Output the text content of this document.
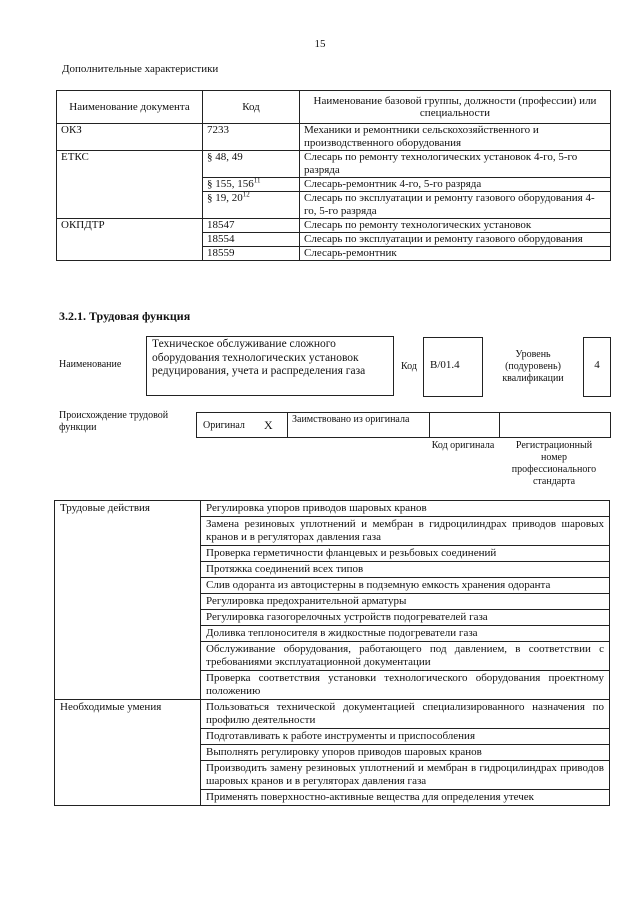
15
Дополнительные характеристики
Наименование документа	Код	Наименование базовой группы, должности (профессии) или специальности
ОКЗ	7233	Механики и ремонтники сельскохозяйственного и производственного оборудования
ЕТКС	§ 48, 49	Слесарь по ремонту технологических установок 4-го, 5-го разряда
	§ 155, $156^{11}$	Слесарь-ремонтник 4-го, 5-го разряда
	§ 19, $20^{12}$	Слесарь по эксплуатации и ремонту газового оборудования 4-го, 5-го разряда
ОКПДТР	18547	Слесарь по ремонту технологических установок
	18554	Слесарь по эксплуатации и ремонту газового оборудования
	18559	Слесарь-ремонтник
3.2.1. Трудовая функция
Наименование
Техническое обслуживание сложного оборудования технологических установок редуцирования, учета и распределения газа	Код	В/01.4
Уровень (подуровень) квалификации
4
Происхождение трудовой функции	Оригинал X Заимствовано из оригинала
Код оригинала	Регистрационный номер профессионального стандарта
Трудовые действия	Регулировка упоров приводов шаровых кранов
	Замена резиновых уплотнений и мембран в гидроцилиндрах приводов шаровых кранов и в регуляторах давления газа
	Проверка герметичности фланцевых и резьбовых соединений
	Протяжка соединений всех типов
	Слив одоранта из автоцистерны в подземную емкость хранения одоранта
	Регулировка предохранительной арматуры
	Регулировка газогорелочных устройств подогревателей газа
	Доливка теплоносителя в жидкостные подогреватели газа
	Обслуживание оборудования, работающего под давлением, в соответствии с требованиями эксплуатационной документации
	Проверка соответствия установки технологического оборудования проектному положению
Необходимые умения	Пользоваться технической документацией специализированного назначения по профилю деятельности
	Подготавливать к работе инструменты и приспособления
	Выполнять регулировку упоров приводов шаровых кранов
	Производить замену резиновых уплотнений и мембран в гидроцилиндрах приводов шаровых кранов и в регуляторах давления газа
	Применять поверхностно-активные вещества для определения утечек
